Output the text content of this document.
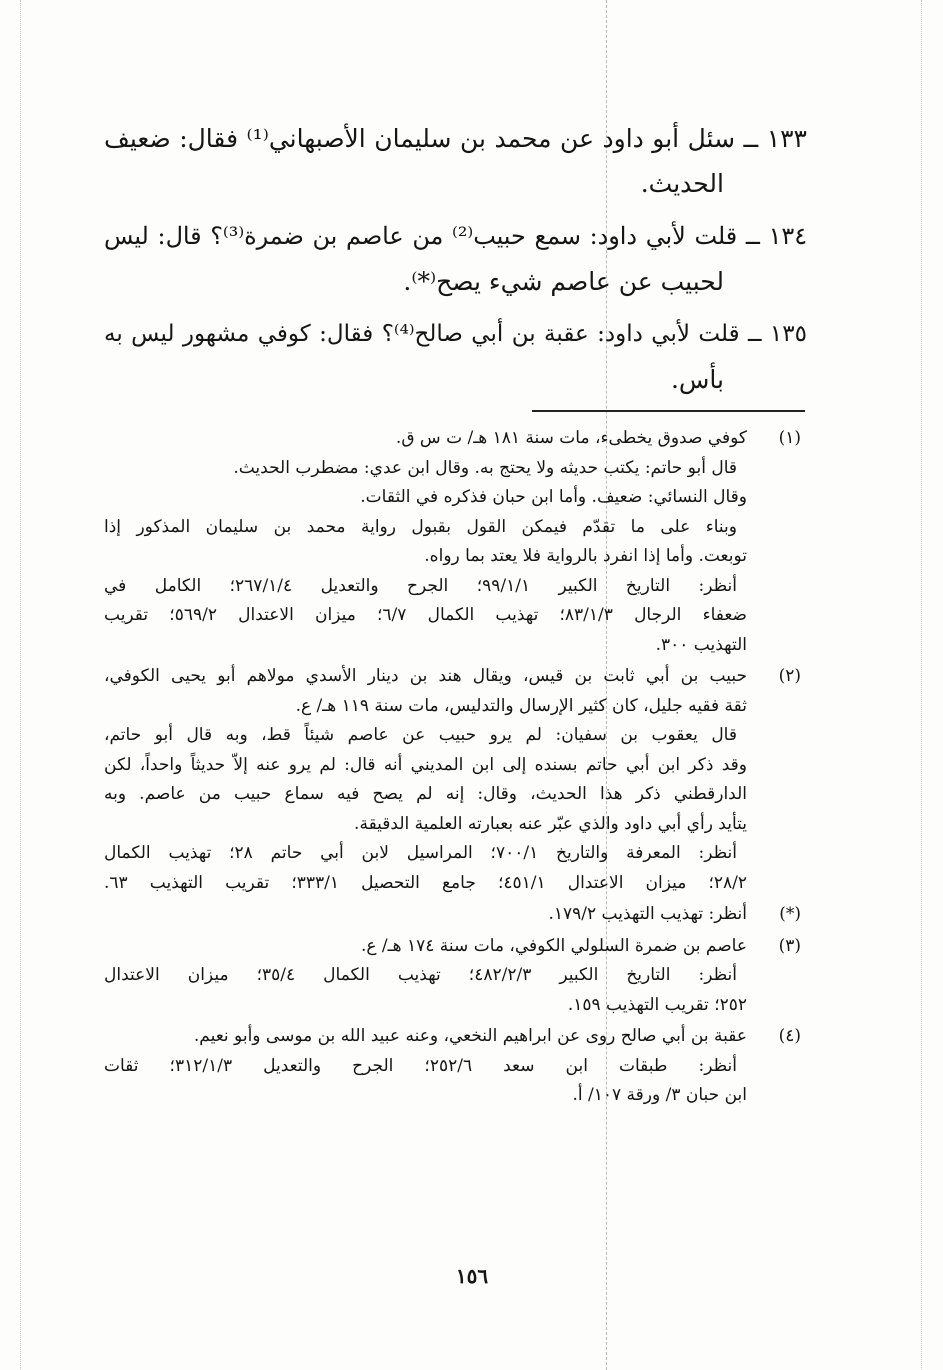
١٣٣ ــ سئل أبو داود عن محمد بن سليمان الأصبهاني⁽¹⁾ فقال: ضعيف
الحديث.
١٣٤ ــ قلت لأبي داود: سمع حبيب⁽²⁾ من عاصم بن ضمرة⁽³⁾؟ قال: ليس
لحبيب عن عاصم شيء يصح⁽*⁾.
١٣٥ ــ قلت لأبي داود: عقبة بن أبي صالح⁽⁴⁾؟ فقال: كوفي مشهور ليس به
بأس.
(١)
كوفي صدوق يخطىء، مات سنة ١٨١ هـ/ ت س ق.
قال أبو حاتم: يكتب حديثه ولا يحتج به. وقال ابن عدي: مضطرب الحديث.
وقال النسائي: ضعيف. وأما ابن حبان فذكره في الثقات.
وبناء على ما تقدّم فيمكن القول بقبول رواية محمد بن سليمان المذكور إذا
توبعت. وأما إذا انفرد بالرواية فلا يعتد بما رواه.
أنظر: التاريخ الكبير ٩٩/١/١؛ الجرح والتعديل ٢٦٧/١/٤؛ الكامل في
ضعفاء الرجال ٨٣/١/٣؛ تهذيب الكمال ٦/٧؛ ميزان الاعتدال ٥٦٩/٢؛ تقريب
التهذيب ٣٠٠.
(٢)
حبيب بن أبي ثابت بن قيس، ويقال هند بن دينار الأسدي مولاهم أبو يحيى الكوفي،
ثقة فقيه جليل، كان كثير الإرسال والتدليس، مات سنة ١١٩ هـ/ ع.
قال يعقوب بن سفيان: لم يرو حبيب عن عاصم شيئاً قط، وبه قال أبو حاتم،
وقد ذكر ابن أبي حاتم بسنده إلى ابن المديني أنه قال: لم يرو عنه إلاّ حديثاً واحداً، لكن
الدارقطني ذكر هذا الحديث، وقال: إنه لم يصح فيه سماع حبيب من عاصم. وبه
يتأيد رأي أبي داود والذي عبّر عنه بعبارته العلمية الدقيقة.
أنظر: المعرفة والتاريخ ٧٠٠/١؛ المراسيل لابن أبي حاتم ٢٨؛ تهذيب الكمال
٢٨/٢؛ ميزان الاعتدال ٤٥١/١؛ جامع التحصيل ٣٣٣/١؛ تقريب التهذيب ٦٣.
(*)
أنظر: تهذيب التهذيب ١٧٩/٢.
(٣)
عاصم بن ضمرة السلولي الكوفي، مات سنة ١٧٤ هـ/ ع.
أنظر: التاريخ الكبير ٤٨٢/٢/٣؛ تهذيب الكمال ٣٥/٤؛ ميزان الاعتدال
٢٥٢؛ تقريب التهذيب ١٥٩.
(٤)
عقبة بن أبي صالح روى عن ابراهيم النخعي، وعنه عبيد الله بن موسى وأبو نعيم.
أنظر: طبقات ابن سعد ٢٥٢/٦؛ الجرح والتعديل ٣١٢/١/٣؛ ثقات
ابن حبان ٣/ ورقة ١٠٧/ أ.
١٥٦
